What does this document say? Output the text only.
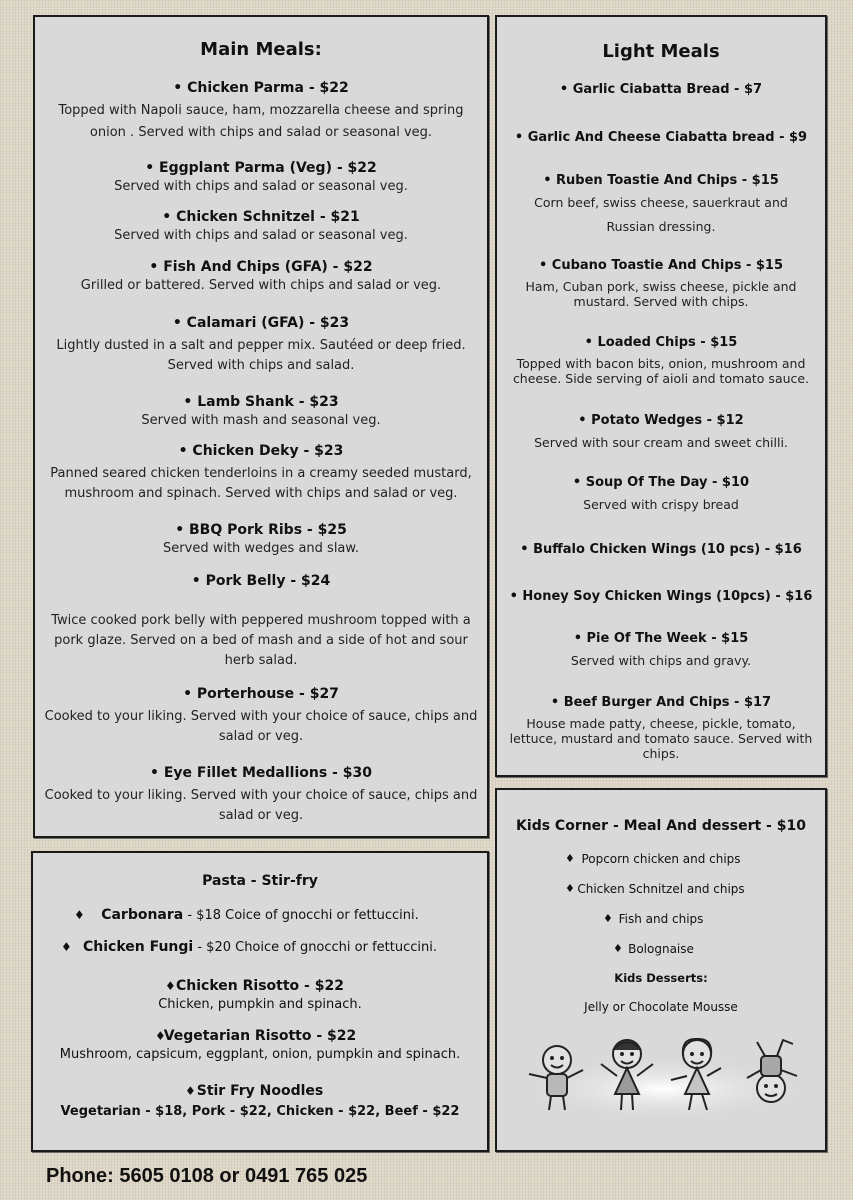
Main Meals:
• Chicken Parma - $22
Topped with Napoli sauce, ham, mozzarella cheese and spring
onion . Served with chips and salad or seasonal veg.
• Eggplant Parma (Veg) - $22
Served with chips and salad or seasonal veg.
• Chicken Schnitzel - $21
Served with chips and salad or seasonal veg.
• Fish And Chips (GFA) - $22
Grilled or battered. Served with chips and salad or veg.
• Calamari (GFA) - $23
Lightly dusted in a salt and pepper mix. Sautéed or deep fried.
Served with chips and salad.
• Lamb Shank - $23
Served with mash and seasonal veg.
• Chicken Deky - $23
Panned seared chicken tenderloins in a creamy seeded mustard,
mushroom and spinach. Served with chips and salad or veg.
• BBQ Pork Ribs - $25
Served with wedges and slaw.
• Pork Belly - $24
Twice cooked pork belly with peppered mushroom topped with a
pork glaze. Served on a bed of mash and a side of hot and sour
herb salad.
• Porterhouse - $27
Cooked to your liking. Served with your choice of sauce, chips and
salad or veg.
• Eye Fillet Medallions - $30
Cooked to your liking. Served with your choice of sauce, chips and
salad or veg.
Light Meals
• Garlic Ciabatta Bread - $7
• Garlic And Cheese Ciabatta bread - $9
• Ruben Toastie And Chips - $15
Corn beef, swiss cheese, sauerkraut and
Russian dressing.
• Cubano Toastie And Chips - $15
Ham, Cuban pork, swiss cheese, pickle and
mustard. Served with chips.
• Loaded Chips - $15
Topped with bacon bits, onion, mushroom and
cheese. Side serving of aioli and tomato sauce.
• Potato Wedges - $12
Served with sour cream and sweet chilli.
• Soup Of The Day - $10
Served with crispy bread
• Buffalo Chicken Wings (10 pcs) - $16
• Honey Soy Chicken Wings (10pcs) - $16
• Pie Of The Week - $15
Served with chips and gravy.
• Beef Burger And Chips - $17
House made patty, cheese, pickle, tomato,
lettuce, mustard and tomato sauce. Served with
chips.
Pasta - Stir-fry
♦	Carbonara - $18 Coice of gnocchi or fettuccini.
♦ Chicken Fungi - $20 Choice of gnocchi or fettuccini.
♦ Chicken Risotto - $22
Chicken, pumpkin and spinach.
♦
Vegetarian Risotto - $22
Mushroom, capsicum, eggplant, onion, pumpkin and spinach.
♦ Stir Fry Noodles
Vegetarian - $18, Pork - $22, Chicken - $22, Beef - $22
Kids Corner - Meal And dessert - $10
♦ Popcorn chicken and chips
♦ Chicken Schnitzel and chips
♦ Fish and chips
♦ Bolognaise
Kids Desserts:
Jelly or Chocolate Mousse
Phone: 5605 0108 or 0491 765 025
